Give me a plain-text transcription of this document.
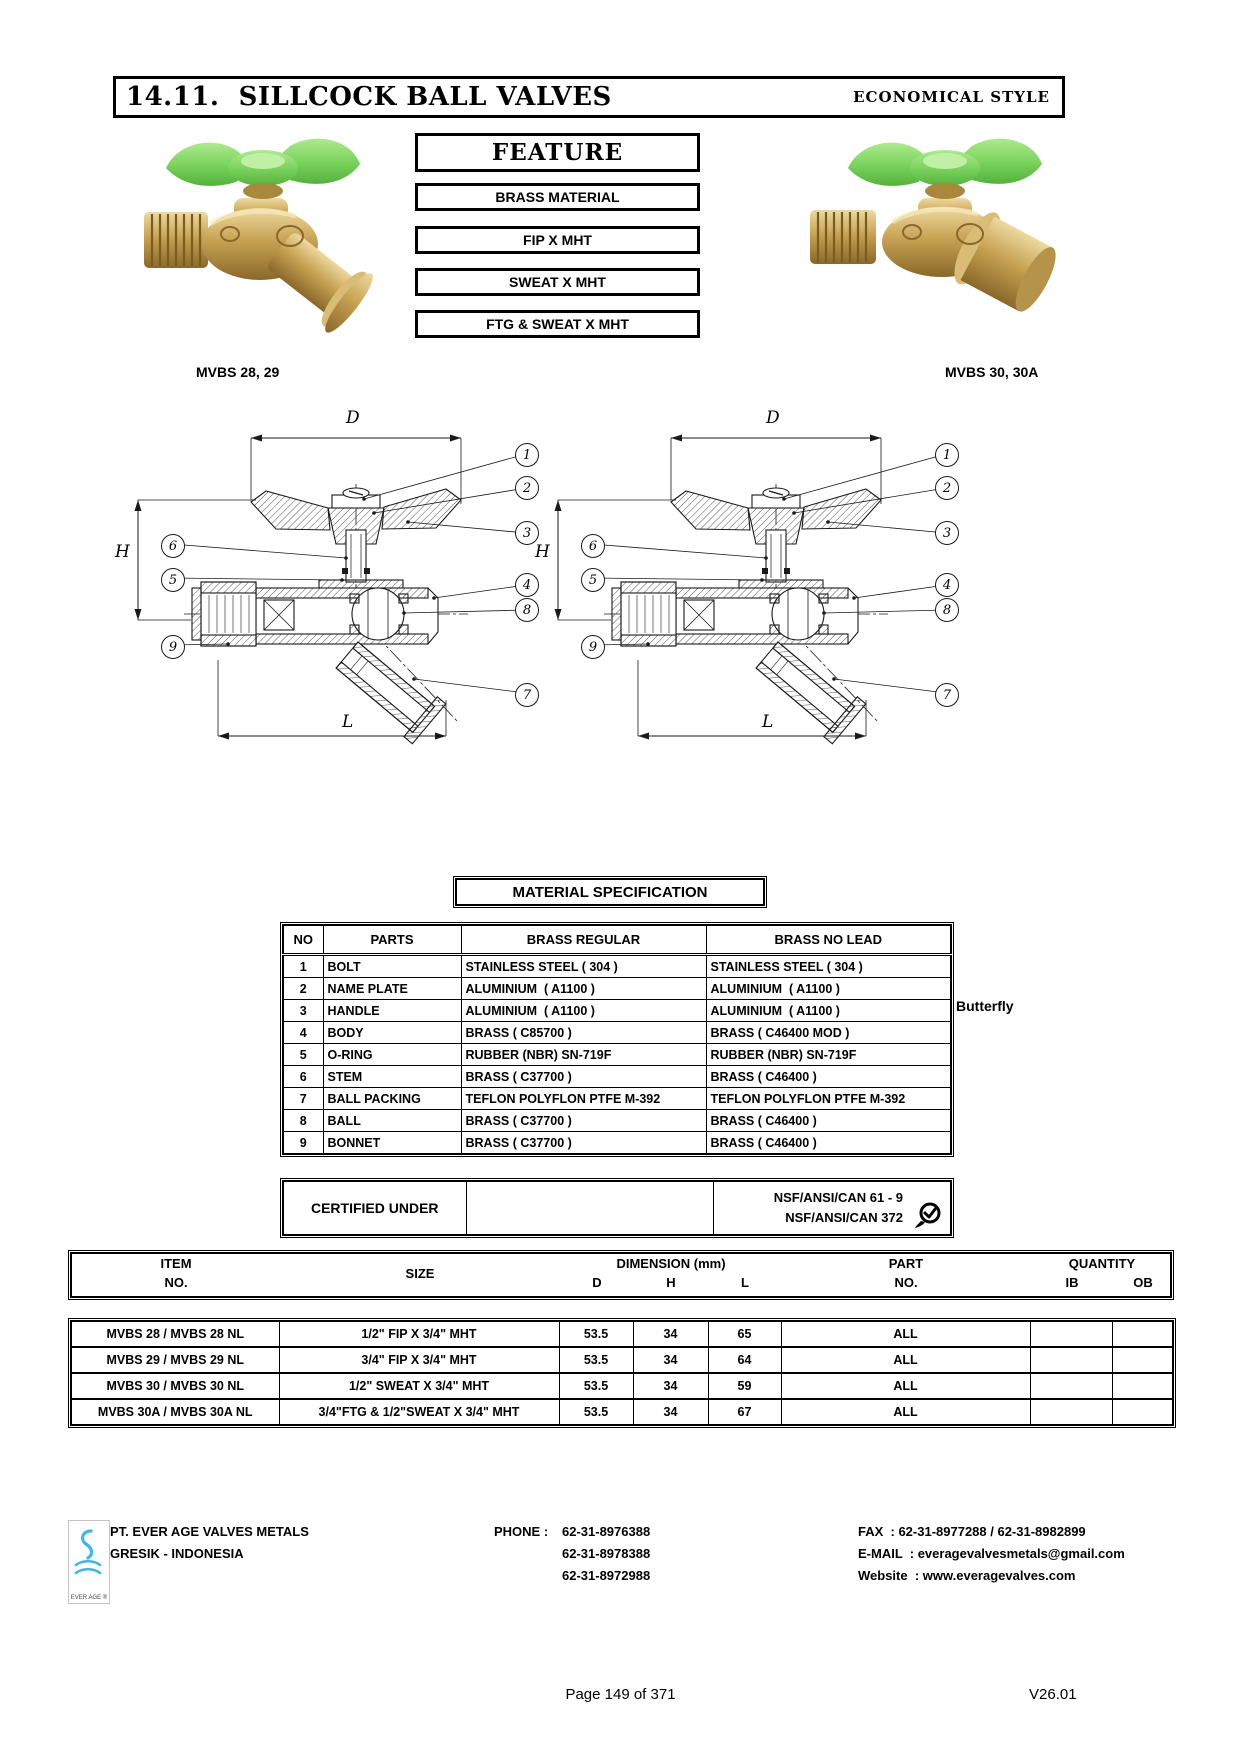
14.11.  SILLCOCK BALL VALVES	ECONOMICAL STYLE
MVBS 28, 29	MVBS 30, 30A
FEATURE
BRASS MATERIAL
FIP X MHT
SWEAT X MHT
FTG & SWEAT X MHT
D
H
L
1
2
3
4
8
7
6
5
9
D
H
L
1
2
3
4
8
7
6
5
9
MATERIAL SPECIFICATION
NO	PARTS	BRASS REGULAR	BRASS NO LEAD
1	BOLT	STAINLESS STEEL ( 304 )	STAINLESS STEEL ( 304 )
2	NAME PLATE	ALUMINIUM  ( A1100 )	ALUMINIUM  ( A1100 )
3	HANDLE	ALUMINIUM  ( A1100 )	ALUMINIUM  ( A1100 )
4	BODY	BRASS ( C85700 )	BRASS ( C46400 MOD )
5	O-RING	RUBBER (NBR) SN-719F	RUBBER (NBR) SN-719F
6	STEM	BRASS ( C37700 )	BRASS ( C46400 )
7	BALL PACKING	TEFLON POLYFLON PTFE M-392	TEFLON POLYFLON PTFE M-392
8	BALL	BRASS ( C37700 )	BRASS ( C46400 )
9	BONNET	BRASS ( C37700 )	BRASS ( C46400 )
Butterfly
CERTIFIED UNDER		
NSF/ANSI/CAN 61 - 9
NSF/ANSI/CAN 372
ITEM
NO.
SIZE
DIMENSION (mm)
D	H	L
PART
NO.
QUANTITY
IB	OB
MVBS 28 / MVBS 28 NL	1/2" FIP X 3/4" MHT	53.5	34	65	ALL		
MVBS 29 / MVBS 29 NL	3/4" FIP X 3/4" MHT	53.5	34	64	ALL		
MVBS 30 / MVBS 30 NL	1/2" SWEAT X 3/4" MHT	53.5	34	59	ALL		
MVBS 30A / MVBS 30A NL	3/4"FTG & 1/2"SWEAT X 3/4" MHT	53.5	34	67	ALL		
EVER AGE ®
PT. EVER AGE VALVES METALS
GRESIK - INDONESIA
PHONE : 62-31-8976388
62-31-8978388
62-31-8972988
FAX  : 62-31-8977288 / 62-31-8982899
E-MAIL  : everagevalvesmetals@gmail.com
Website  : www.everagevalves.com
Page 149 of 371	V26.01
